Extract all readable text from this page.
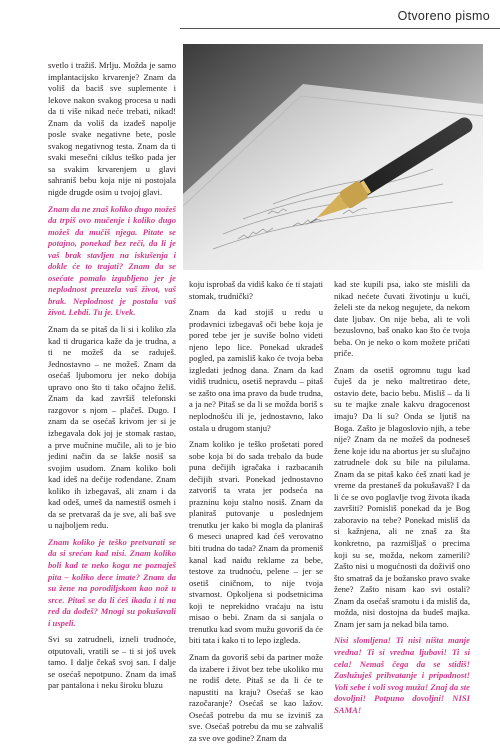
Otvoreno pismo

svetlo i tražiš. Mrlju. Možda je samo implantacijsko krvarenje? Znam da voliš da baciš sve suplemente i lekove nakon svakog procesa u nadi da ti više nikad neće trebati, nikad! Znam da voliš da izađeš napolje posle svake negativne bete, posle svakog negativnog testa. Znam da ti svaki mesečni ciklus teško pada jer sa svakim krvarenjem u glavi sahraniš bebu koja nije ni postojala nigde drugde osim u tvojoj glavi.

Znam da ne znaš koliko dugo možeš da trpiš ovo mučenje i koliko dugo možeš da mučiš njega. Pitate se potajno, ponekad bez reči, da li je vaš brak stavljen na iskušenja i dokle će to trajati? Znam da se osećate pomalo izgubljeno jer je neplodnost preuzela vaš život, vaš brak. Neplodnost je postala vaš život. Lebdi. Tu je. Uvek.

Znam da se pitaš da li si i koliko zla kad ti drugarica kaže da je trudna, a ti ne možeš da se raduješ. Jednostavno – ne možeš. Znam da osećaš ljubomoru jer neko dobija upravo ono što ti tako očajno želiš. Znam da kad završiš telefonski razgovor s njom – plačeš. Dugo. I znam da se osećaš krivom jer si je izbegavala dok joj je stomak rastao, a prve mučnine mučile, ali to je bio jedini način da se lakše nosiš sa svojim usudom. Znam koliko boli kad ideš na dečije rođendane. Znam koliko ih izbegavaš, ali znam i da kad odeš, umeš da namestiš osmeh i da se pretvaraš da je sve, ali baš sve u najboljem redu.

Znam koliko je teško pretvarati se da si srećan kad nisi. Znam koliko boli kad te neko koga ne poznaješ pita – koliko dece imate? Znam da su žene na porodiljskom kao nož u srce. Pitaš se da li ćeš ikada i ti na red da dođeš? Mnogi su pokušavali i uspeli.

Svi su zatrudneli, izneli trudnoće, otputovali, vratili se – ti si još uvek tamo. I dalje čekaš svoj san. I dalje se osećaš nepotpuno. Znam da imaš par pantalona i neku široku bluzu

koju isprobaš da vidiš kako će ti stajati stomak, trudnički?

Znam da kad stojiš u redu u prodavnici izbegavaš oči bebe koja je pored tebe jer je suviše bolno videti njeno lepo lice. Ponekad ukradeš pogled, pa zamisliš kako će tvoja beba izgledati jednog dana. Znam da kad vidiš trudnicu, osetiš nepravdu – pitaš se zašto ona ima pravo da bude trudna, a ja ne? Pitaš se da li se možda boriš s neplodnošću ili je, jednostavno, lako ostala u drugom stanju?

Znam koliko je teško prošetati pored sobe koja bi do sada trebalo da bude puna dečijih igračaka i razbacanih dečijih stvari. Ponekad jednostavno zatvoriš ta vrata jer podseća na prazninu koju stalno nosiš. Znam da planiraš putovanje u poslednjem trenutku jer kako bi mogla da planiraš 6 meseci unapred kad ćeš verovatno biti trudna do tada? Znam da promeniš kanal kad naiđu reklame za bebe, testove za trudnoću, pelene – jer se osetiš ciničnom, to nije tvoja stvarnost. Opkoljena si podsetnicima koji te neprekidno vraćaju na istu misao o bebi. Znam da si sanjala o trenutku kad svom mužu govoriš da će biti tata i kako ti to lepo izgleda.

Znam da govoriš sebi da partner može da izabere i život bez tebe ukoliko mu ne rodiš dete. Pitaš se da li će te napustiti na kraju? Osećaš se kao razočaranje? Osećaš se kao lažov. Osećaš potrebu da mu se izviniš za sve. Osećaš potrebu da mu se zahvališ za sve ove godine? Znam da

kad ste kupili psa, iako ste mislili da nikad nećete čuvati životinju u kući, želeli ste da nekog negujete, da nekom date ljubav. On nije beba, ali te voli bezuslovno, baš onako kao što će tvoja beba. On je neko o kom možete pričati priče.

Znam da osetiš ogromnu tugu kad čuješ da je neko maltretirao dete, ostavio dete, bacio bebu. Misliš – da li su te majke znale kakvu dragocenost imaju? Da li su? Onda se ljutiš na Boga. Zašto je blagoslovio njih, a tebe nije? Znam da ne možeš da podneseš žene koje idu na abortus jer su slučajno zatrudnele dok su bile na pilulama. Znam da se pitaš kako ćeš znati kad je vreme da prestaneš da pokušavaš? I da li će se ovo poglavlje tvog života ikada završiti? Pomisliš ponekad da je Bog zaboravio na tebe? Ponekad misliš da si kažnjena, ali ne znaš za šta konkretno, pa razmišljaš o precima koji su se, možda, nekom zamerili? Zašto nisi u mogućnosti da doživiš ono što smatraš da je božansko pravo svake žene? Zašto nisam kao svi ostali? Znam da osećaš sramotu i da misliš da, možda, nisi dostojna da budeš majka. Znam jer sam ja nekad bila tamo.

Nisi slomljena! Ti nisi ništa manje vredna! Ti si vredna ljubavi! Ti si cela! Nemaš čega da se stidiš! Zaslužuješ prihvatanje i pripadnost! Voli sebe i voli svog muža! Znaj da ste dovoljni! Potpuno dovoljni! NISI SAMA!
